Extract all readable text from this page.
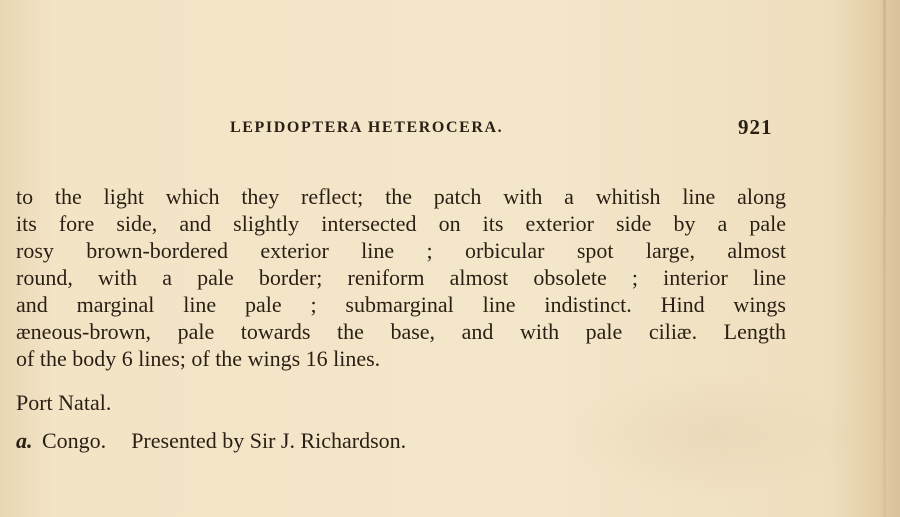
LEPIDOPTERA HETEROCERA.	921
to the light which they reflect; the patch with a whitish line along
its fore side, and slightly intersected on its exterior side by a pale
rosy brown-bordered exterior line ; orbicular spot large, almost
round, with a pale border; reniform almost obsolete ; interior line
and marginal line pale ; submarginal line indistinct. Hind wings
æneous-brown, pale towards the base, and with pale ciliæ. Length
of the body 6 lines; of the wings 16 lines.
Port Natal.
a. Congo. Presented by Sir J. Richardson.
